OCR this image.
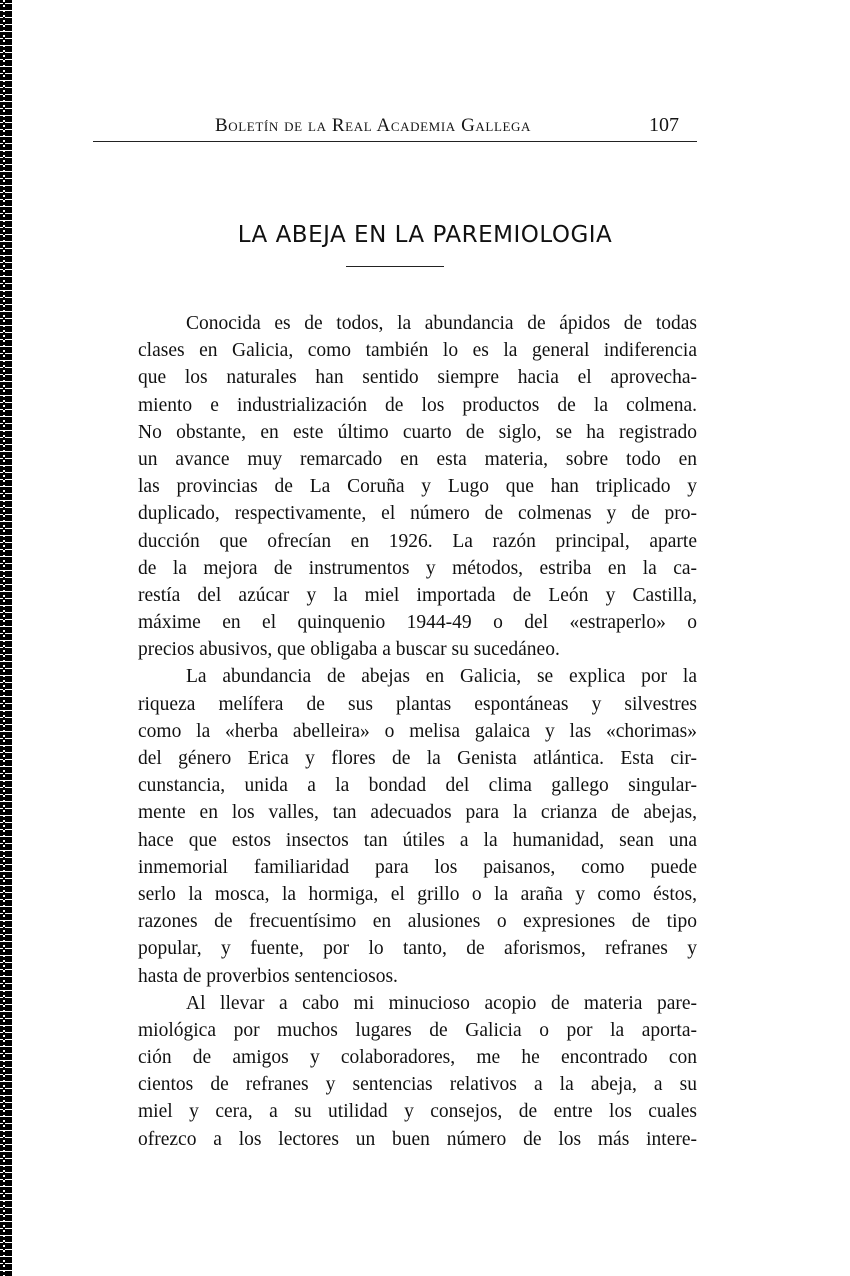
Boletín de la Real Academia Gallega	107
LA ABEJA EN LA PAREMIOLOGIA
Conocida es de todos, la abundancia de ápidos de todas
clases en Galicia, como también lo es la general indiferencia
que los naturales han sentido siempre hacia el aprovecha-
miento e industrialización de los productos de la colmena.
No obstante, en este último cuarto de siglo, se ha registrado
un avance muy remarcado en esta materia, sobre todo en
las provincias de La Coruña y Lugo que han triplicado y
duplicado, respectivamente, el número de colmenas y de pro-
ducción que ofrecían en 1926. La razón principal, aparte
de la mejora de instrumentos y métodos, estriba en la ca-
restía del azúcar y la miel importada de León y Castilla,
máxime en el quinquenio 1944-49 o del «estraperlo» o
precios abusivos, que obligaba a buscar su sucedáneo.
La abundancia de abejas en Galicia, se explica por la
riqueza melífera de sus plantas espontáneas y silvestres
como la «herba abelleira» o melisa galaica y las «chorimas»
del género Erica y flores de la Genista atlántica. Esta cir-
cunstancia, unida a la bondad del clima gallego singular-
mente en los valles, tan adecuados para la crianza de abejas,
hace que estos insectos tan útiles a la humanidad, sean una
inmemorial familiaridad para los paisanos, como puede
serlo la mosca, la hormiga, el grillo o la araña y como éstos,
razones de frecuentísimo en alusiones o expresiones de tipo
popular, y fuente, por lo tanto, de aforismos, refranes y
hasta de proverbios sentenciosos.
Al llevar a cabo mi minucioso acopio de materia pare-
miológica por muchos lugares de Galicia o por la aporta-
ción de amigos y colaboradores, me he encontrado con
cientos de refranes y sentencias relativos a la abeja, a su
miel y cera, a su utilidad y consejos, de entre los cuales
ofrezco a los lectores un buen número de los más intere-
